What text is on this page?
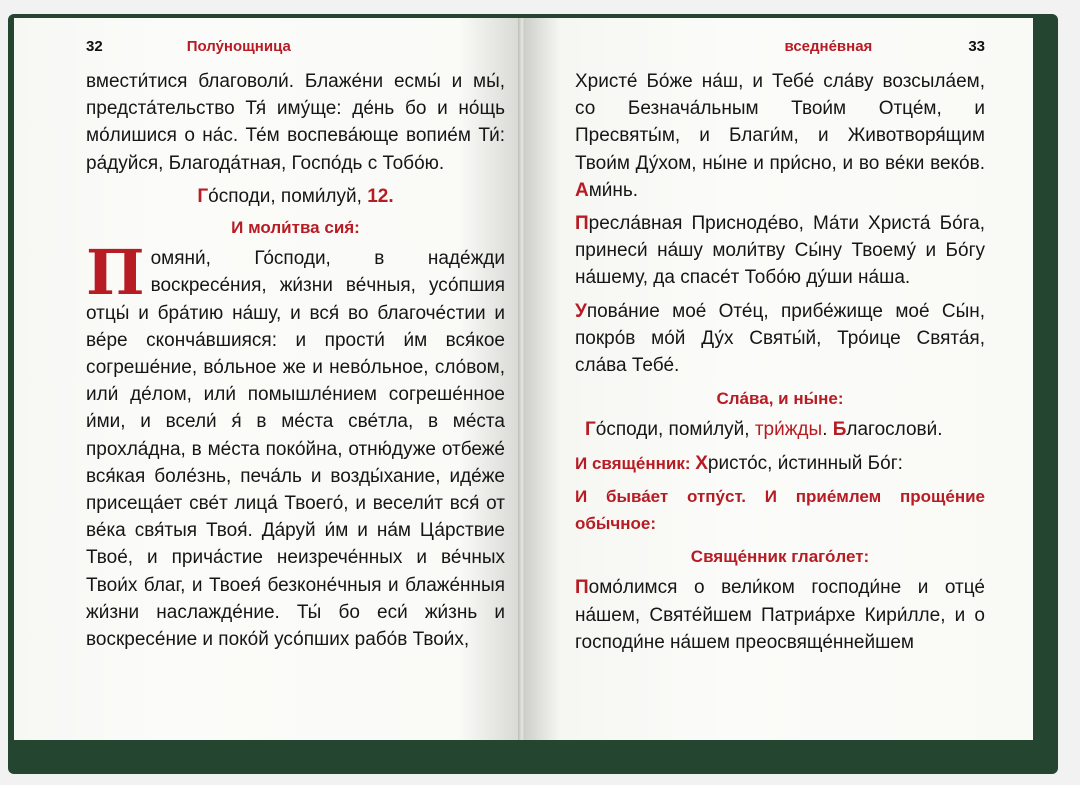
32	Полу́нощница

вмести́тися благоволи́. Блаже́ни есмы́ и мы́, предста́тельство Тя́ иму́ще: де́нь бо и но́щь мо́лишися о на́с. Те́м воспева́юще вопие́м Ти́: ра́дуйся, Благода́тная, Госпо́дь с Тобо́ю.

Го́споди, поми́луй, 12.

И моли́тва сия́:

Помяни́, Го́споди, в наде́жди воскресе́ния, жи́зни ве́чныя, усо́пшия отцы́ и бра́тию на́шу, и вся́ во благоче́стии и ве́ре сконча́вшияся: и прости́ и́м вся́кое согреше́ние, во́льное же и нево́льное, сло́вом, или́ де́лом, или́ помышле́нием согреше́нное и́ми, и всели́ я́ в ме́ста све́тла, в ме́ста прохла́дна, в ме́ста поко́йна, отню́дуже отбеже́ вся́кая боле́знь, печа́ль и возды́хание, иде́же присеща́ет све́т лица́ Твоего́, и весели́т вся́ от ве́ка свя́тыя Твоя́. Да́руй и́м и на́м Ца́рствие Твое́, и прича́стие неизрече́нных и ве́чных Твои́х благ, и Твоея́ безконе́чныя и блаже́нныя жи́зни наслажде́ние. Ты́ бо еси́ жи́знь и воскресе́ние и поко́й усо́пших рабо́в Твои́х,

вседне́вная	33

Христе́ Бо́же на́ш, и Тебе́ сла́ву возсыла́ем, со Безнача́льным Твои́м Отце́м, и Пресвяты́м, и Благи́м, и Животворя́щим Твои́м Ду́хом, ны́не и при́сно, и во ве́ки веко́в. Ами́нь.

Пресла́вная Присноде́во, Ма́ти Христа́ Бо́га, принеси́ на́шу моли́тву Сы́ну Твоему́ и Бо́гу на́шему, да спасе́т Тобо́ю ду́ши на́ша.

Упова́ние мое́ Оте́ц, прибе́жище мое́ Сы́н, покро́в мо́й Ду́х Святы́й, Тро́ице Свята́я, сла́ва Тебе́.

Сла́ва, и ны́не:

Го́споди, поми́луй, три́жды. Благослови́.

И свяще́нник: Христо́с, и́стинный Бо́г:

И быва́ет отпу́ст. И прие́млем проще́ние обы́чное:

Свяще́нник глаго́лет:

Помо́лимся о вели́ком господи́не и отце́ на́шем, Святе́йшем Патриа́рхе Кири́лле, и о господи́не на́шем преосвяще́ннейшем
